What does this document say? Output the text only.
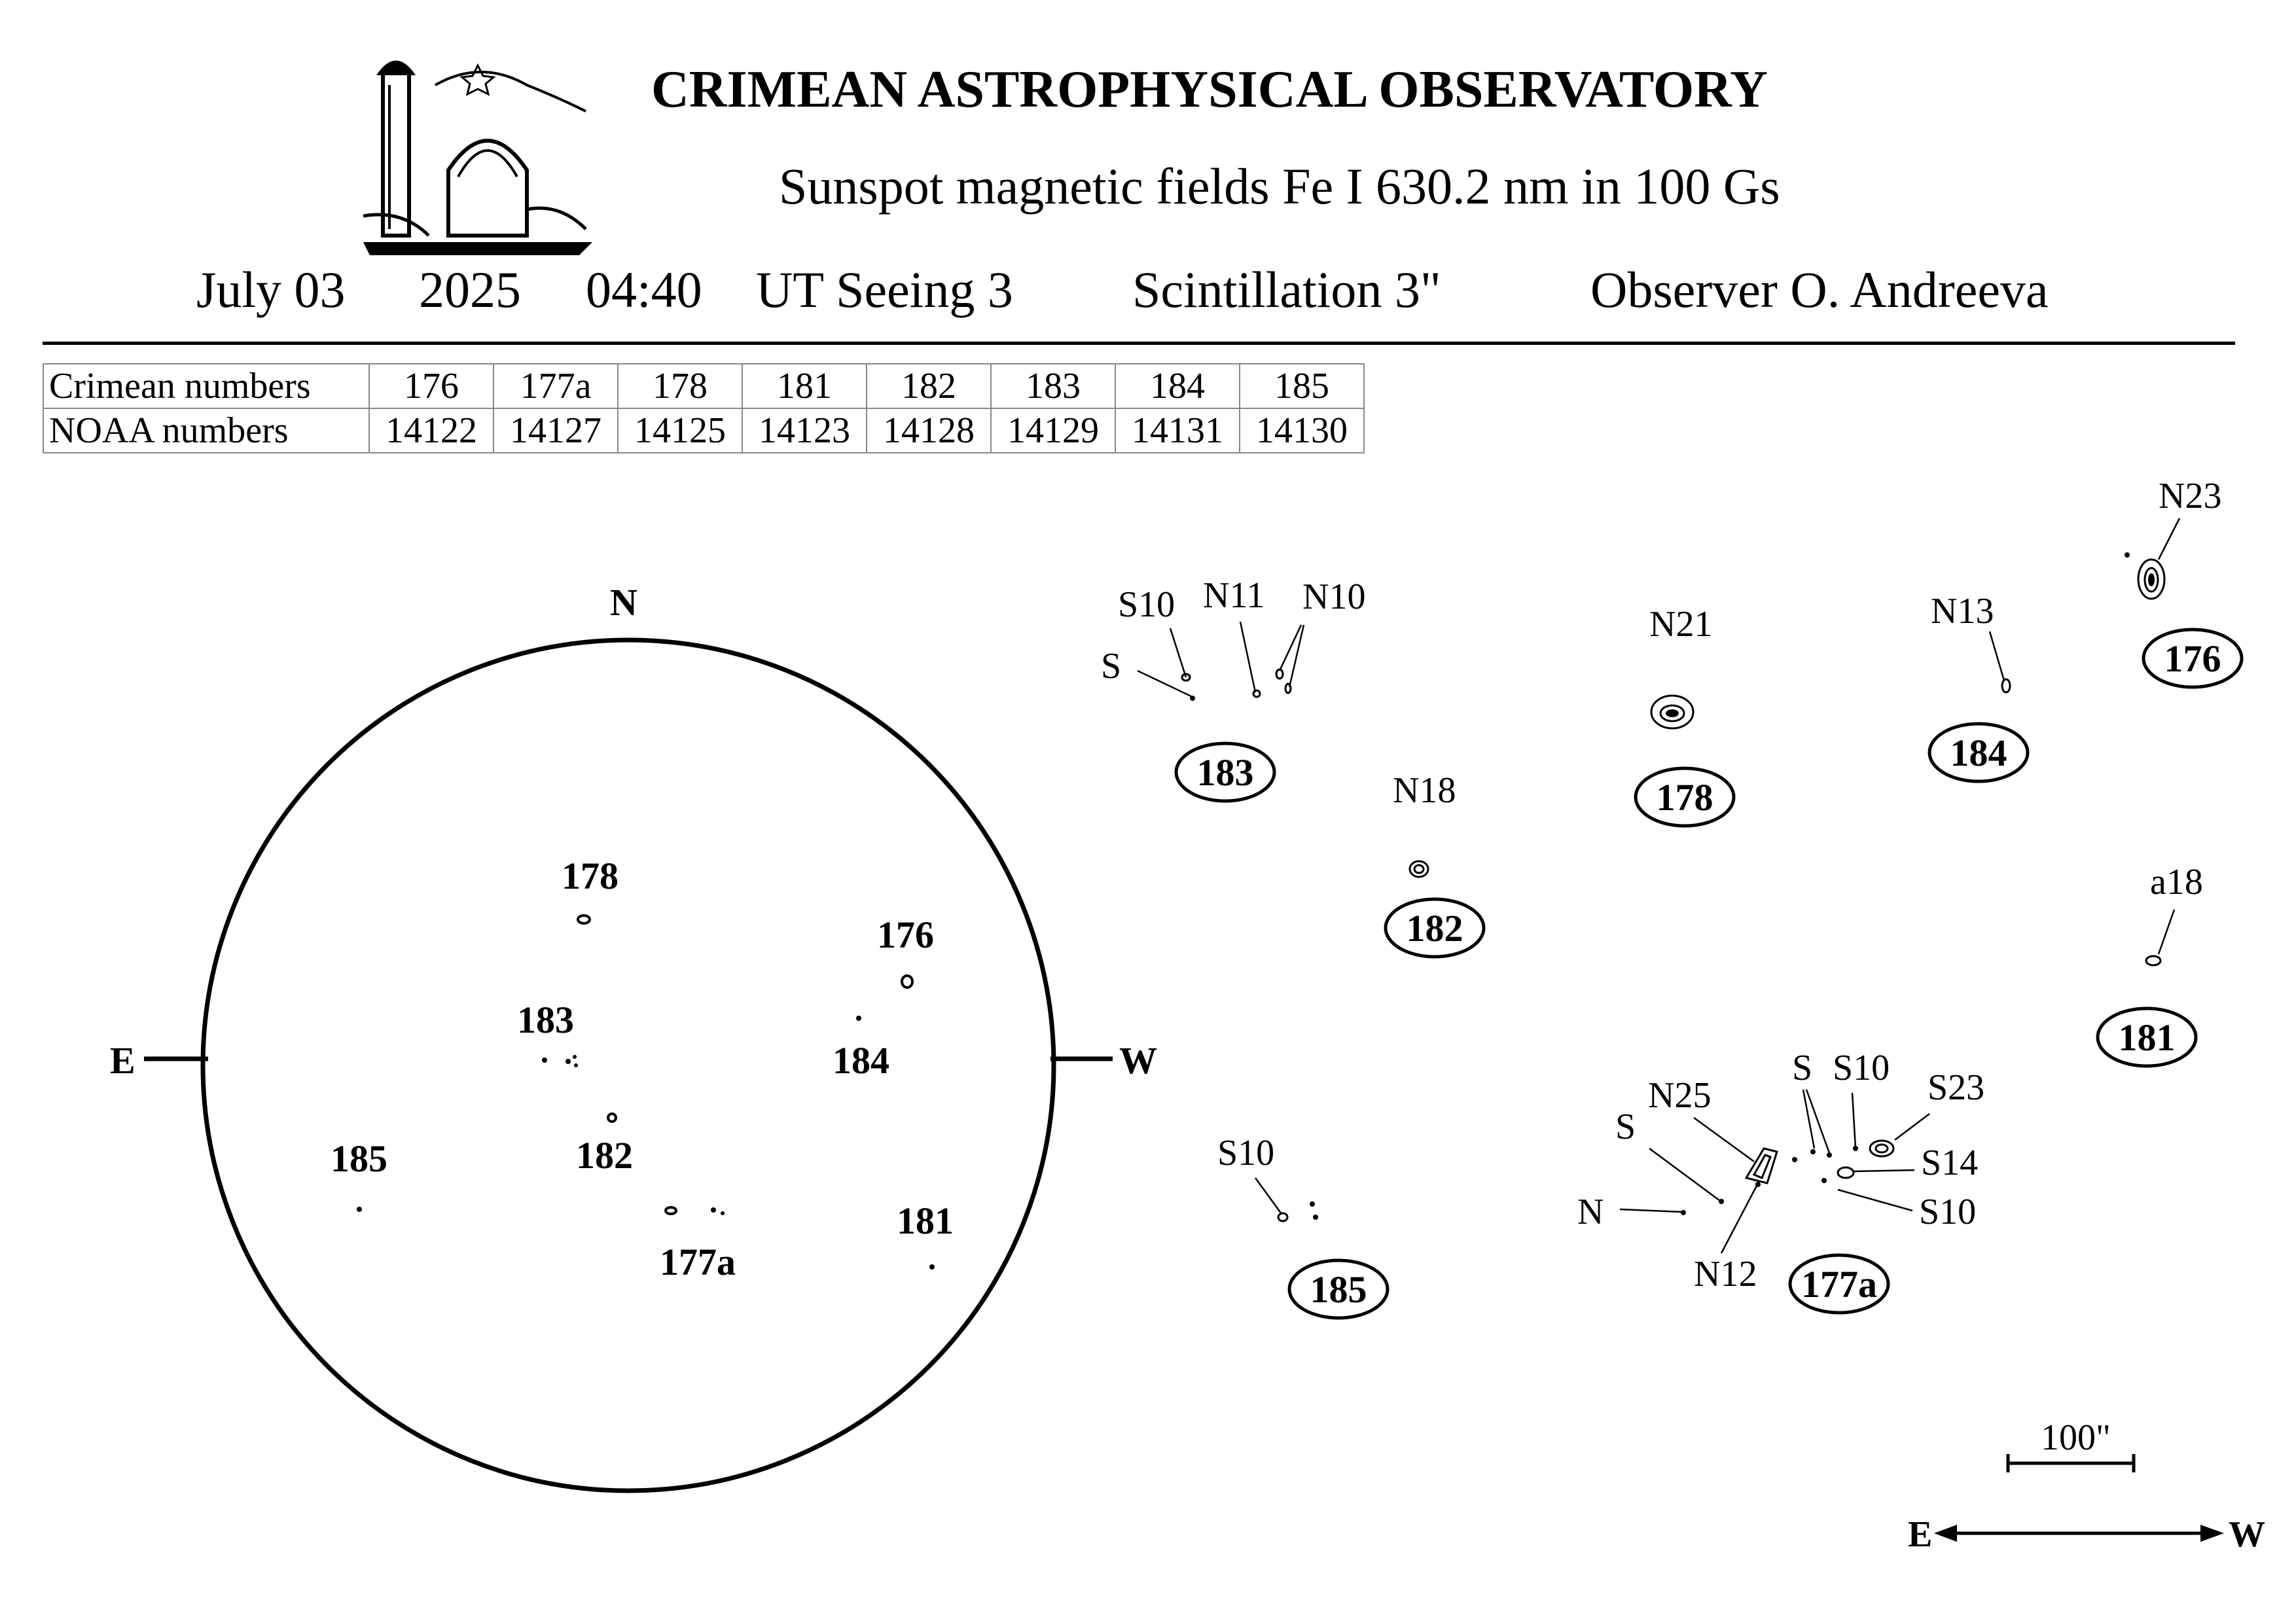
CRIMEAN ASTROPHYSICAL OBSERVATORY
Sunspot magnetic fields Fe I 630.2 nm in 100 Gs
July 03 2025 04:40 UT Seeing 3 Scintillation 3"	Observer O. Andreeva
Crimean numbers	176	177a	178	181	182	183	184	185
NOAA numbers	14122	14127	14125	14123	14128	14129	14131	14130
N
E	W
178
176
183
184
185	182
181
177a
183
182
178
184
176
181
185	177a
S10 N11 N10
S
N18
N21	N13
N23
a18
S10
N25
S
S S10 S23
S14
S10
N
N12
100"
E	W
